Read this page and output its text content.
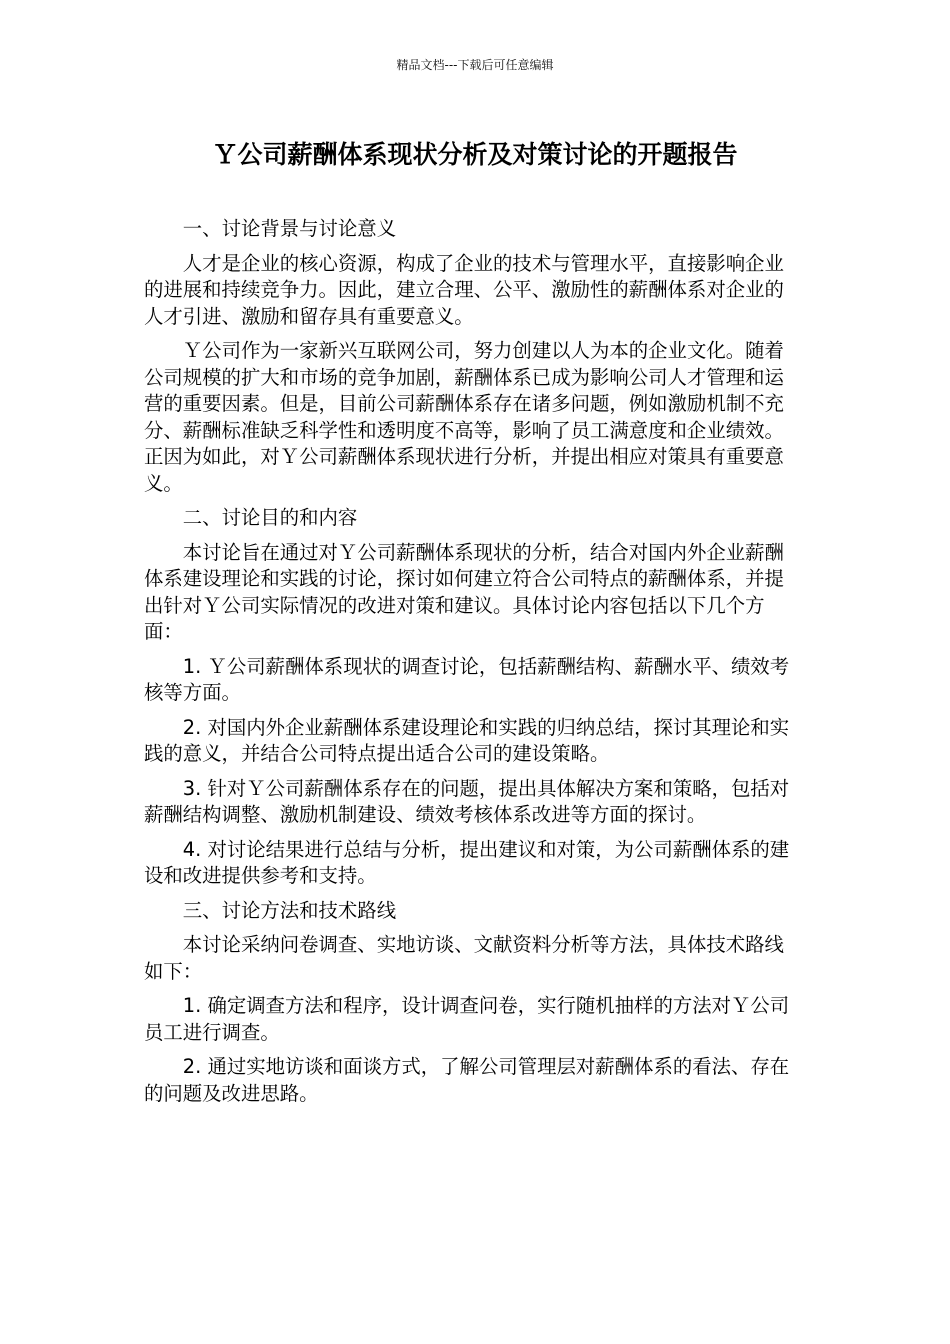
精品文档---下载后可任意编辑
Ｙ公司薪酬体系现状分析及对策讨论的开题报告

一、讨论背景与讨论意义

人才是企业的核心资源，构成了企业的技术与管理水平，直接影响企业的进展和持续竞争力。因此，建立合理、公平、激励性的薪酬体系对企业的人才引进、激励和留存具有重要意义。

Ｙ公司作为一家新兴互联网公司，努力创建以人为本的企业文化。随着公司规模的扩大和市场的竞争加剧，薪酬体系已成为影响公司人才管理和运营的重要因素。但是，目前公司薪酬体系存在诸多问题，例如激励机制不充分、薪酬标准缺乏科学性和透明度不高等，影响了员工满意度和企业绩效。正因为如此，对Ｙ公司薪酬体系现状进行分析，并提出相应对策具有重要意义。

二、讨论目的和内容

本讨论旨在通过对Ｙ公司薪酬体系现状的分析，结合对国内外企业薪酬体系建设理论和实践的讨论，探讨如何建立符合公司特点的薪酬体系，并提出针对Ｙ公司实际情况的改进对策和建议。具体讨论内容包括以下几个方面：

1. Ｙ公司薪酬体系现状的调查讨论，包括薪酬结构、薪酬水平、绩效考核等方面。

2. 对国内外企业薪酬体系建设理论和实践的归纳总结，探讨其理论和实践的意义，并结合公司特点提出适合公司的建设策略。

3. 针对Ｙ公司薪酬体系存在的问题，提出具体解决方案和策略，包括对薪酬结构调整、激励机制建设、绩效考核体系改进等方面的探讨。

4. 对讨论结果进行总结与分析，提出建议和对策，为公司薪酬体系的建设和改进提供参考和支持。

三、讨论方法和技术路线

本讨论采纳问卷调查、实地访谈、文献资料分析等方法，具体技术路线如下：

1. 确定调查方法和程序，设计调查问卷，实行随机抽样的方法对Ｙ公司员工进行调查。

2. 通过实地访谈和面谈方式，了解公司管理层对薪酬体系的看法、存在的问题及改进思路。
